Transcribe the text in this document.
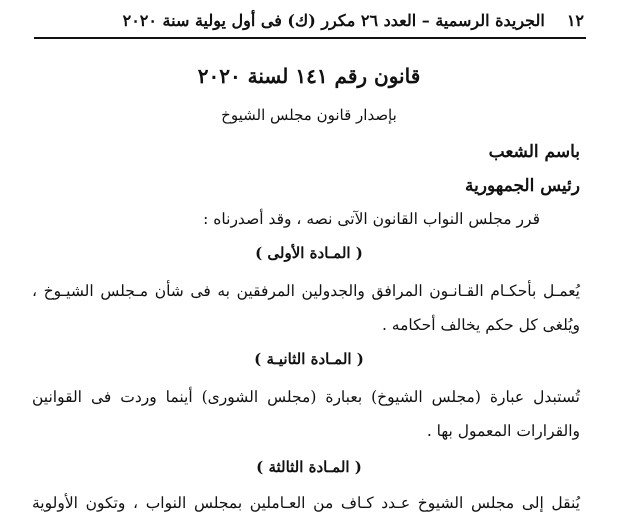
١٢
الجريدة الرسمية – العدد ٢٦ مكرر (ك) فى أول يولية سنة ٢٠٢٠
قانون رقم ١٤١ لسنة ٢٠٢٠
بإصدار قانون مجلس الشيوخ
باسم الشعب
رئيس الجمهورية
قرر مجلس النواب القانون الآتى نصه ، وقد أصدرناه :
( المـادة الأولى )
يُعمـل بأحكـام القـانـون المرافق والجدولين المرفقين به فى شأن مـجلس الشيـوخ ،
ويُلغى كل حكم يخالف أحكامه .
( المـادة الثانيـة )
تُستبدل عبارة (مجلس الشيوخ) بعبارة (مجلس الشورى) أينما وردت فى القوانين
والقرارات المعمول بها .
( المـادة الثالثة )
يُنقل إلى مجلس الشيوخ عـدد كـاف من العـاملين بمجلس النواب ، وتكون الأولوية
